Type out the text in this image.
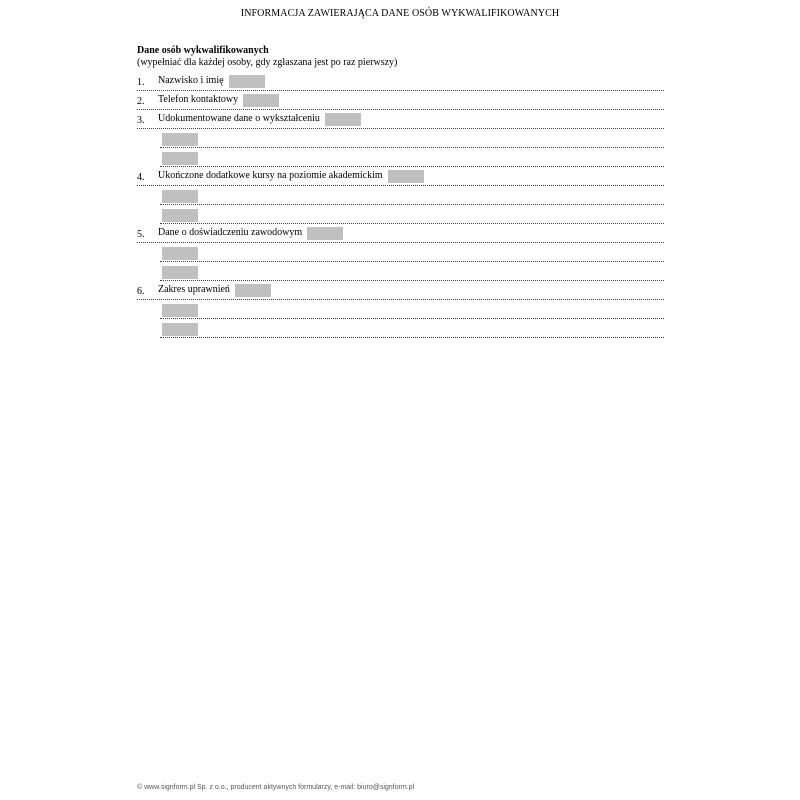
INFORMACJA ZAWIERAJĄCA DANE OSÓB WYKWALIFIKOWANYCH
Dane osób wykwalifikowanych
(wypełniać dla każdej osoby, gdy zgłaszana jest po raz pierwszy)
1. Nazwisko i imię
2. Telefon kontaktowy
3. Udokumentowane dane o wykształceniu
4. Ukończone dodatkowe kursy na poziomie akademickim
5. Dane o doświadczeniu zawodowym
6. Zakres uprawnień
© www.signform.pl Sp. z o.o., producent aktywnych formularzy, e-mail: biuro@signform.pl
